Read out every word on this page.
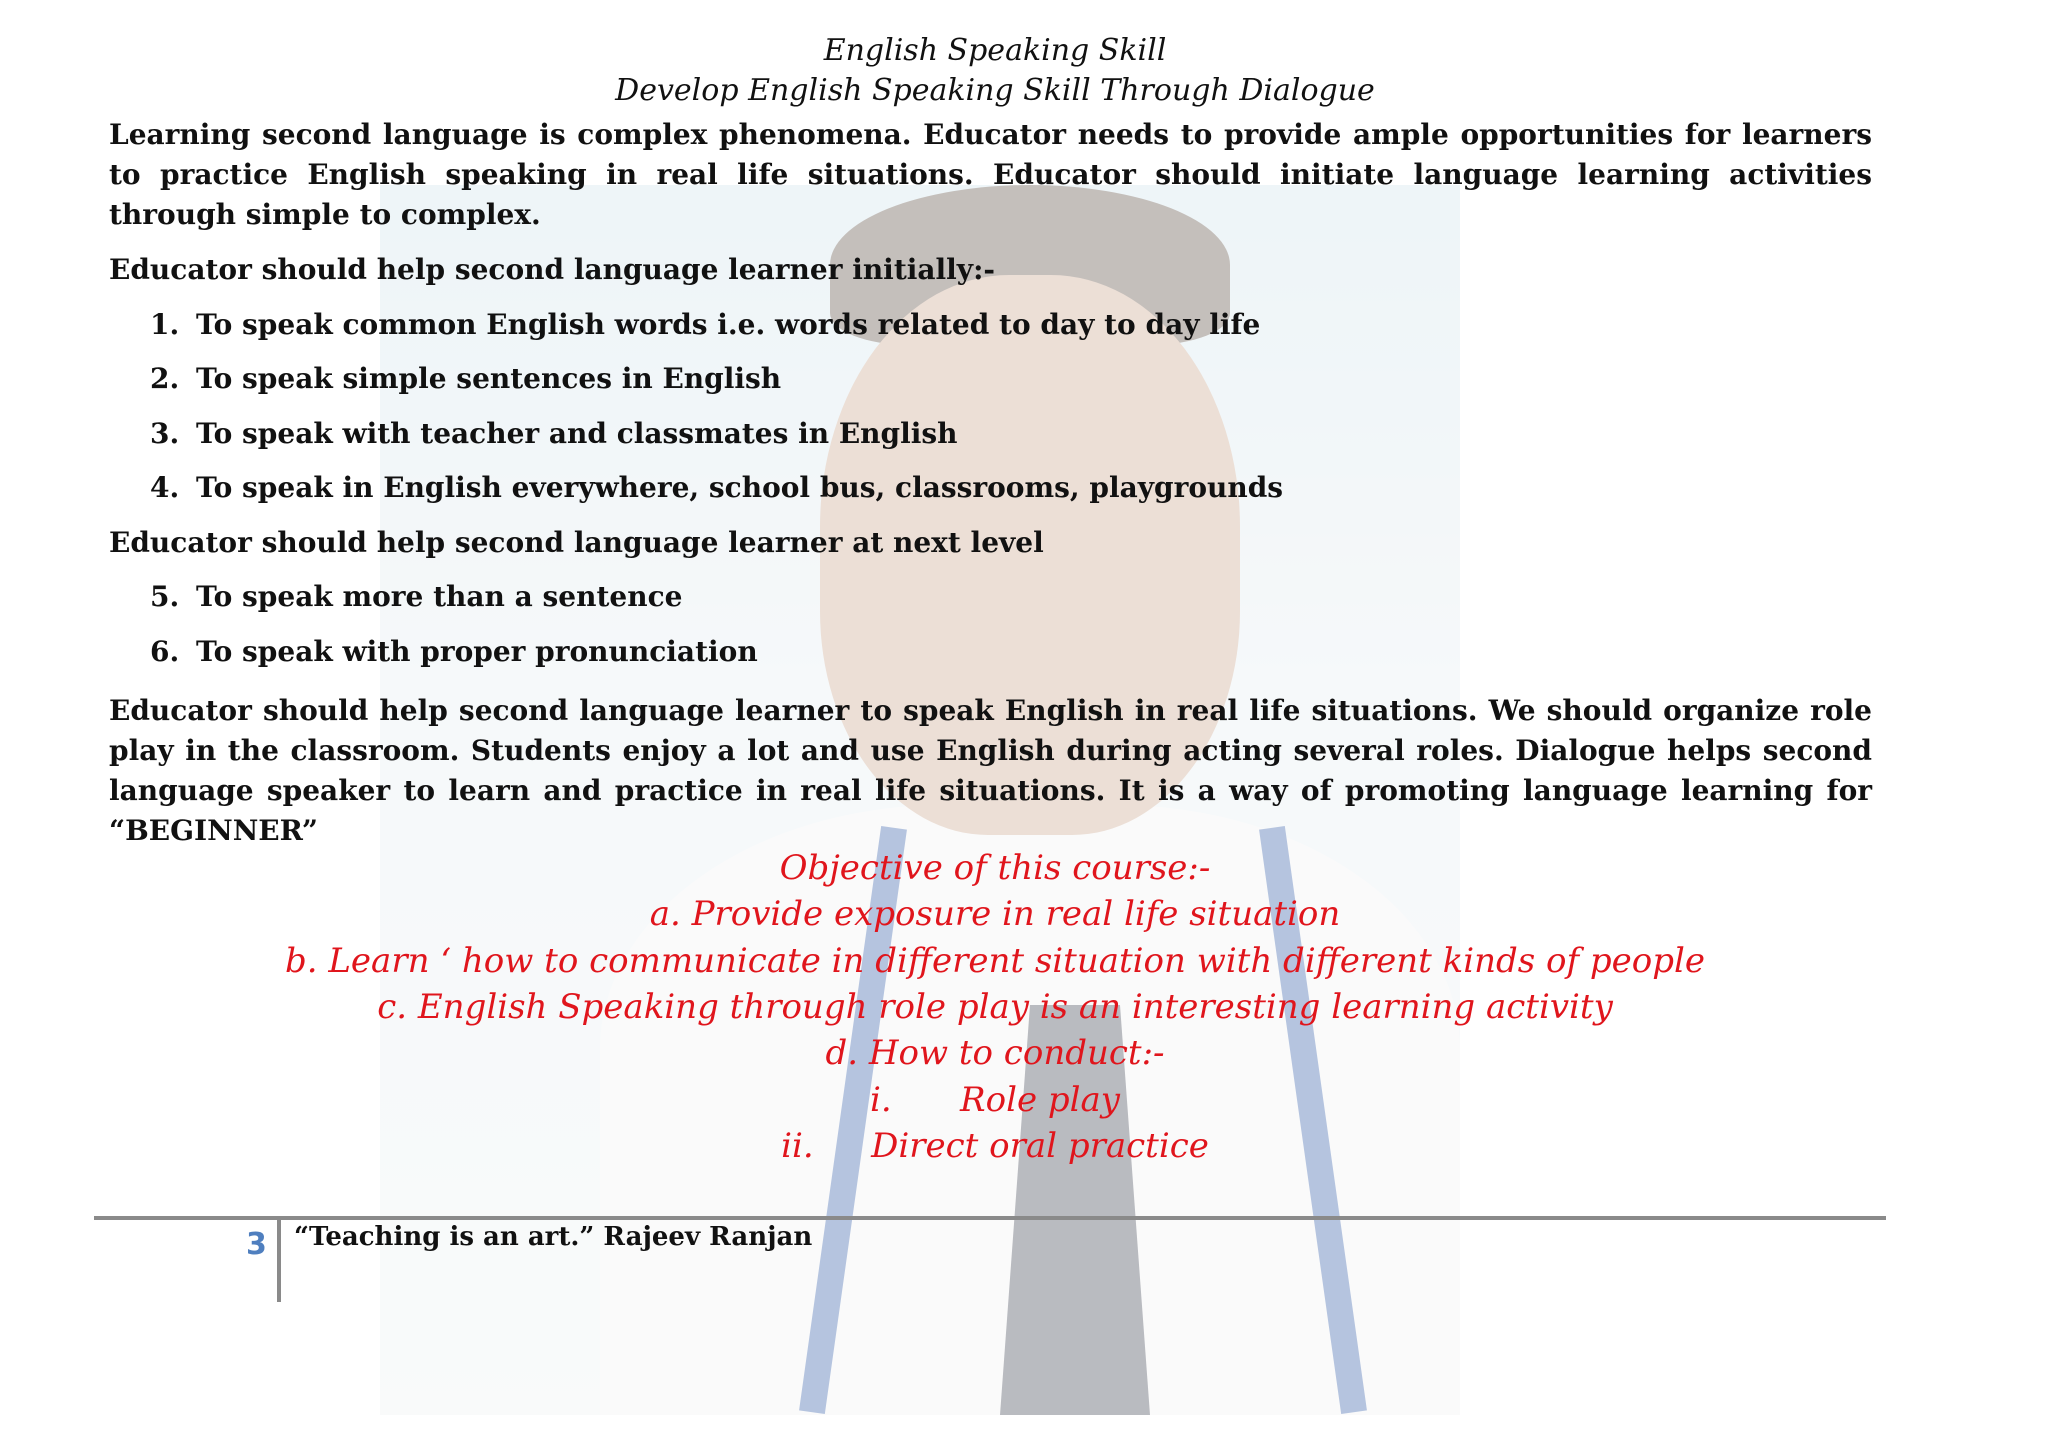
English Speaking Skill
Develop English Speaking Skill Through Dialogue
Learning second language is complex phenomena. Educator needs to provide ample opportunities for learners to practice English speaking in real life situations. Educator should initiate language learning activities through simple to complex.
Educator should help second language learner initially:-
1. To speak common English words i.e. words related to day to day life
2. To speak simple sentences in English
3. To speak with teacher and classmates in English
4. To speak in English everywhere, school bus, classrooms, playgrounds
Educator should help second language learner at next level
5. To speak more than a sentence
6. To speak with proper pronunciation
Educator should help second language learner to speak English in real life situations. We should organize role play in the classroom. Students enjoy a lot and use English during acting several roles. Dialogue helps second language speaker to learn and practice in real life situations. It is a way of promoting language learning for “BEGINNER”
Objective of this course:-
a. Provide exposure in real life situation
b. Learn ‘ how to communicate in different situation with different kinds of people
c. English Speaking through role play is an interesting learning activity
d. How to conduct:-
i. Role play
ii. Direct oral practice
3 “Teaching is an art.” Rajeev Ranjan
